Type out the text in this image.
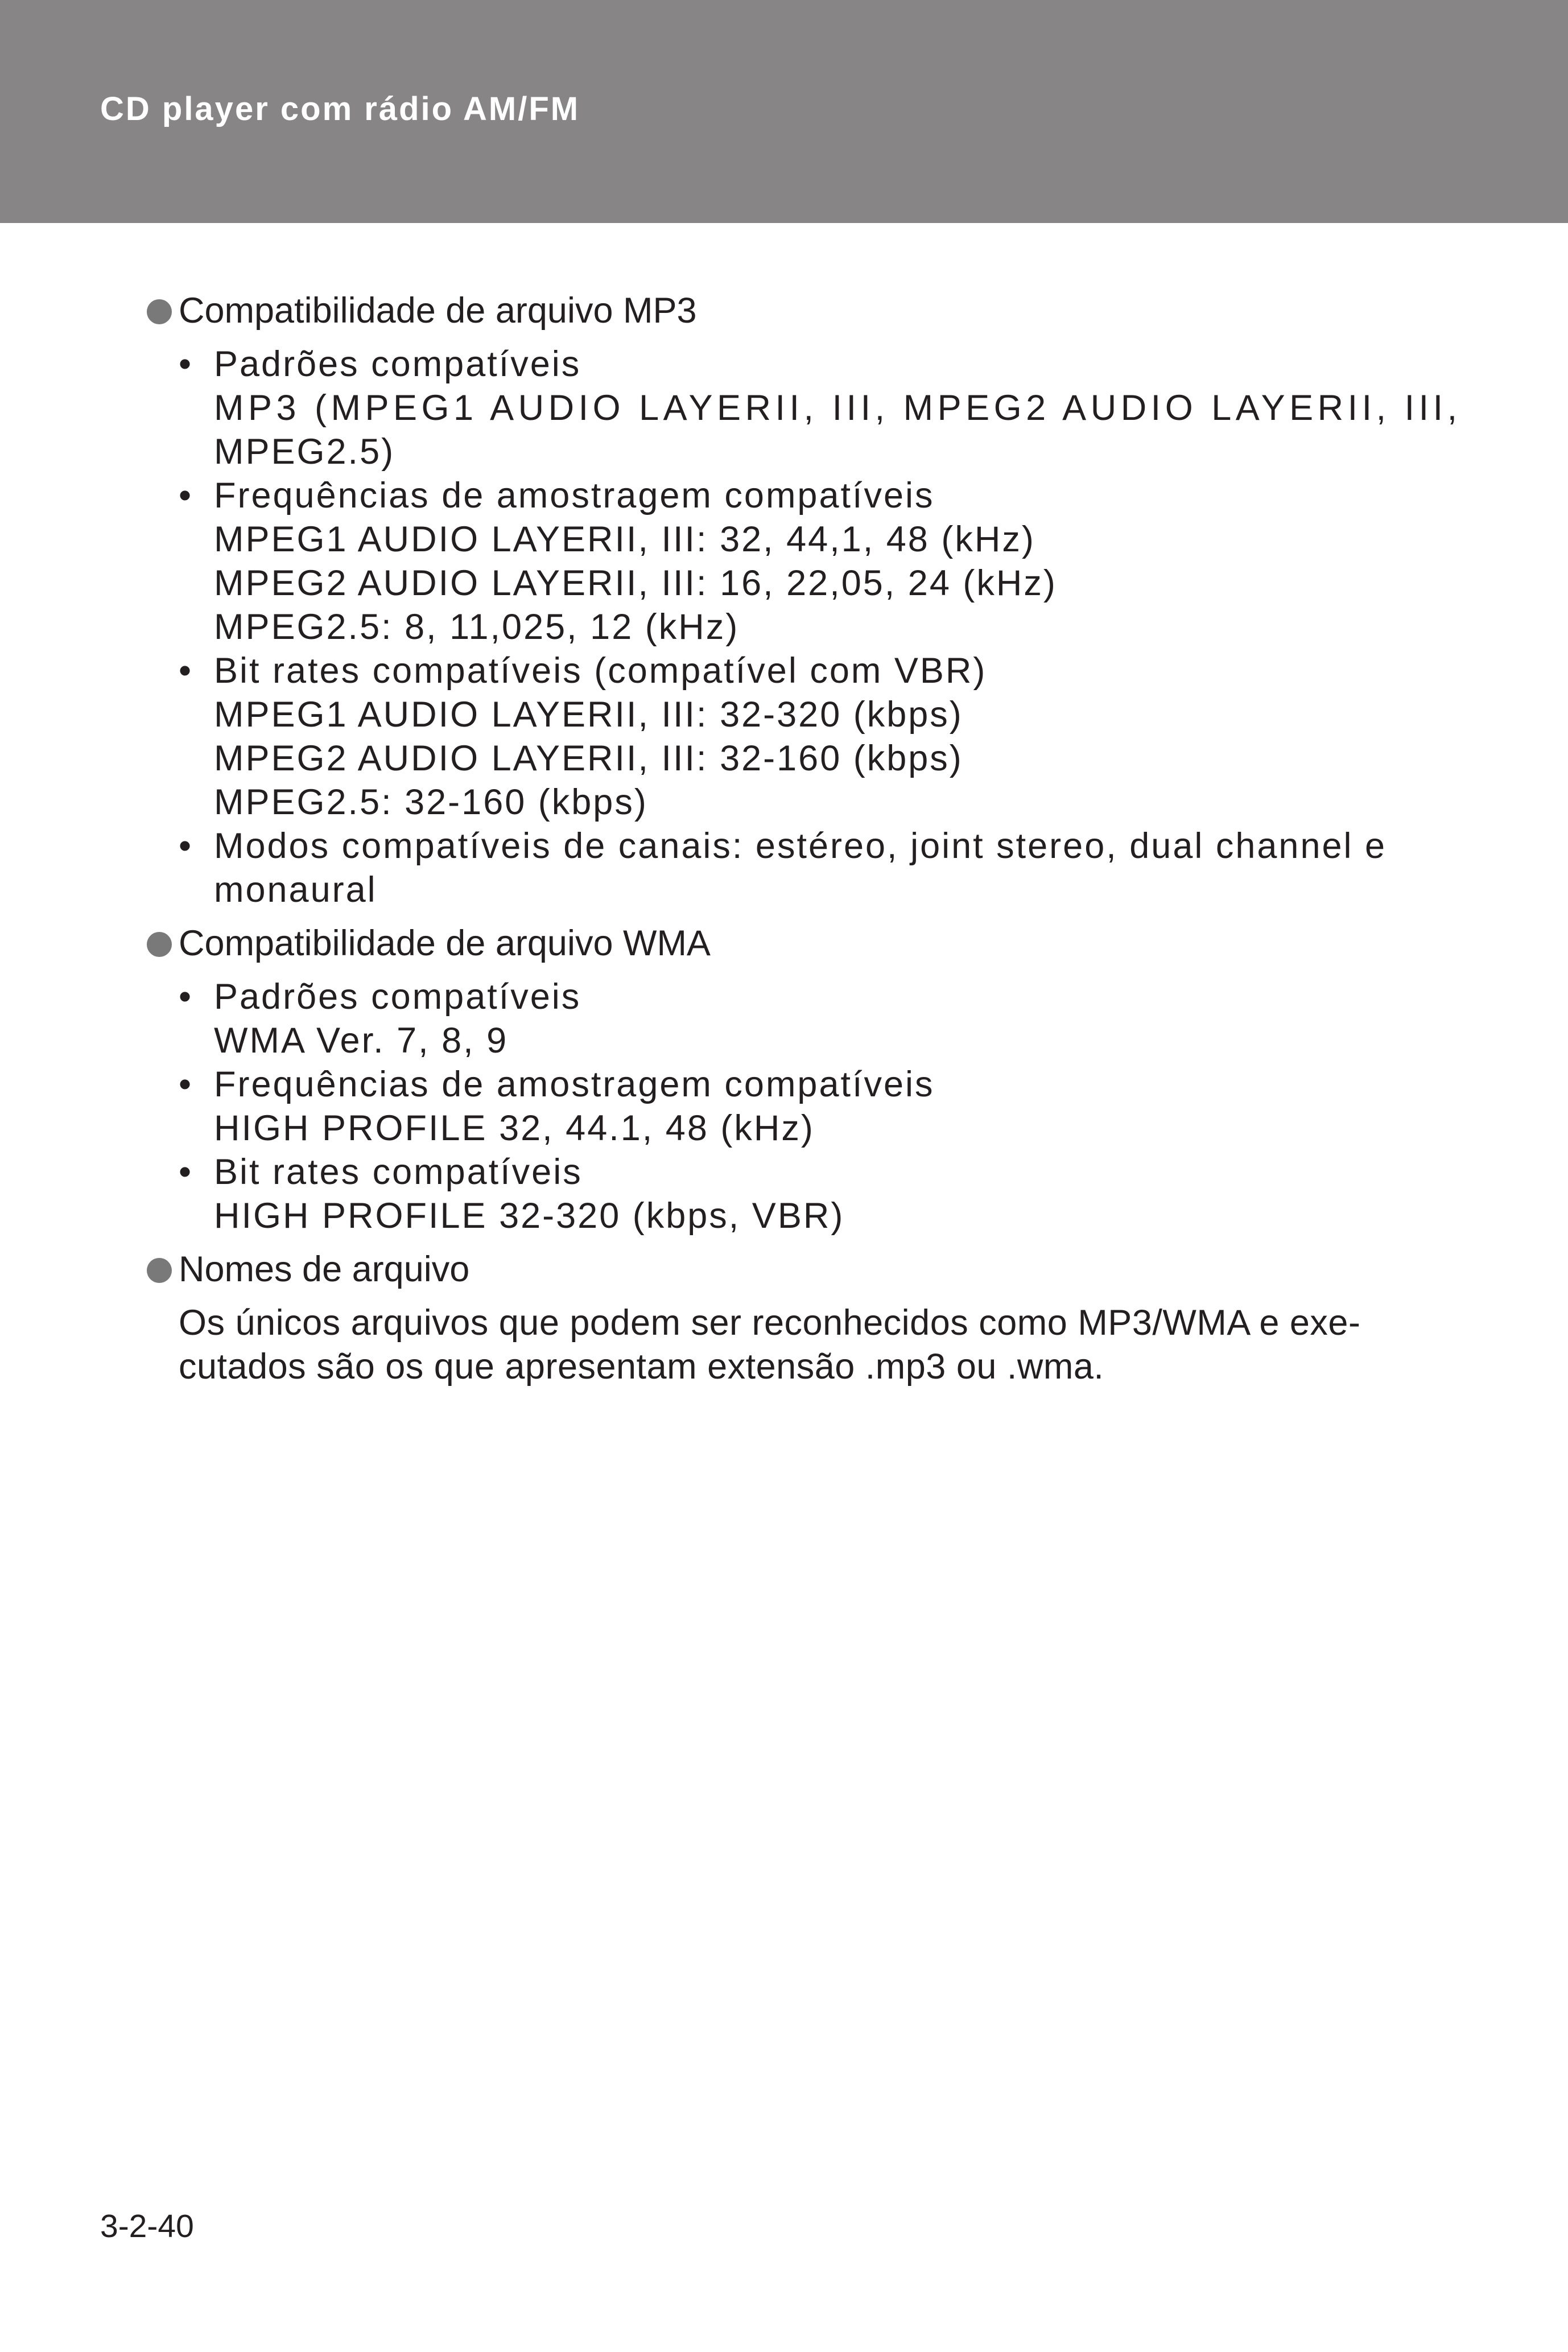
CD player com rádio AM/FM
Compatibilidade de arquivo MP3
• Padrões compatíveis
MP3 (MPEG1 AUDIO LAYERII, III, MPEG2 AUDIO LAYERII, III,
MPEG2.5)
• Frequências de amostragem compatíveis
MPEG1 AUDIO LAYERII, III: 32, 44,1, 48 (kHz)
MPEG2 AUDIO LAYERII, III: 16, 22,05, 24 (kHz)
MPEG2.5: 8, 11,025, 12 (kHz)
• Bit rates compatíveis (compatível com VBR)
MPEG1 AUDIO LAYERII, III: 32-320 (kbps)
MPEG2 AUDIO LAYERII, III: 32-160 (kbps)
MPEG2.5: 32-160 (kbps)
• Modos compatíveis de canais: estéreo, joint stereo, dual channel e
monaural
Compatibilidade de arquivo WMA
• Padrões compatíveis
WMA Ver. 7, 8, 9
• Frequências de amostragem compatíveis
HIGH PROFILE 32, 44.1, 48 (kHz)
• Bit rates compatíveis
HIGH PROFILE 32-320 (kbps, VBR)
Nomes de arquivo
Os únicos arquivos que podem ser reconhecidos como MP3/WMA e exe-
cutados são os que apresentam extensão .mp3 ou .wma.
3-2-40
